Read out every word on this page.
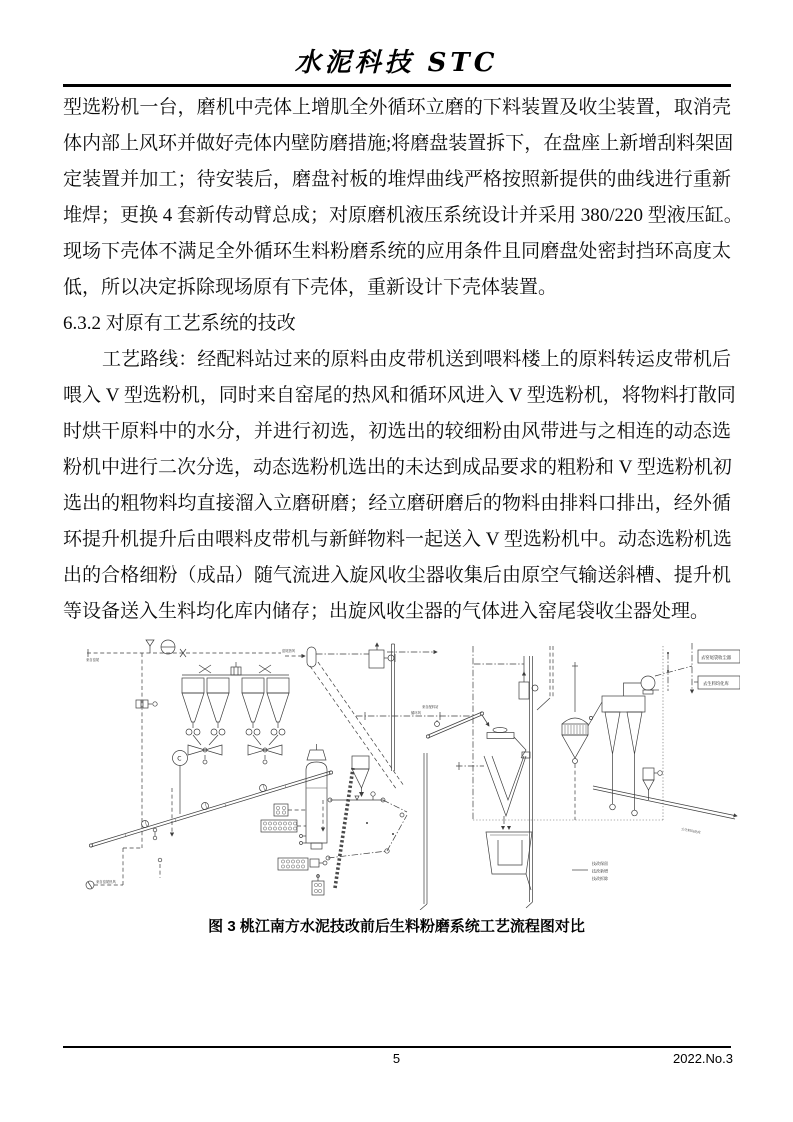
水泥科技 STC
型选粉机一台，磨机中壳体上增肌全外循环立磨的下料装置及收尘装置，取消壳
体内部上风环并做好壳体内壁防磨措施;将磨盘装置拆下，在盘座上新增刮料架固
定装置并加工；待安装后，磨盘衬板的堆焊曲线严格按照新提供的曲线进行重新
堆焊；更换 4 套新传动臂总成；对原磨机液压系统设计并采用 380/220 型液压缸。
现场下壳体不满足全外循环生料粉磨系统的应用条件且同磨盘处密封挡环高度太
低，所以决定拆除现场原有下壳体，重新设计下壳体装置。
6.3.2 对原有工艺系统的技改
工艺路线：经配料站过来的原料由皮带机送到喂料楼上的原料转运皮带机后
喂入 V 型选粉机，同时来自窑尾的热风和循环风进入 V 型选粉机，将物料打散同
时烘干原料中的水分，并进行初选，初选出的较细粉由风带进与之相连的动态选
粉机中进行二次分选，动态选粉机选出的未达到成品要求的粗粉和 V 型选粉机初
选出的粗物料均直接溜入立磨研磨；经立磨研磨后的物料由排料口排出，经外循
环提升机提升后由喂料皮带机与新鲜物料一起送入 V 型选粉机中。动态选粉机选
出的合格细粉（成品）随气流进入旋风收尘器收集后由原空气输送斜槽、提升机
等设备送入生料均化库内储存；出旋风收尘器的气体进入窑尾袋收尘器处理。
来自窑尾
来自窑尾热风
C
窑尾热风
循环风
来自配料站
去窑尾袋收尘器
去生料均化库
去生料均化库
技改保留
技改新增
技改拆除
图 3 桃江南方水泥技改前后生料粉磨系统工艺流程图对比
5	2022.No.3
